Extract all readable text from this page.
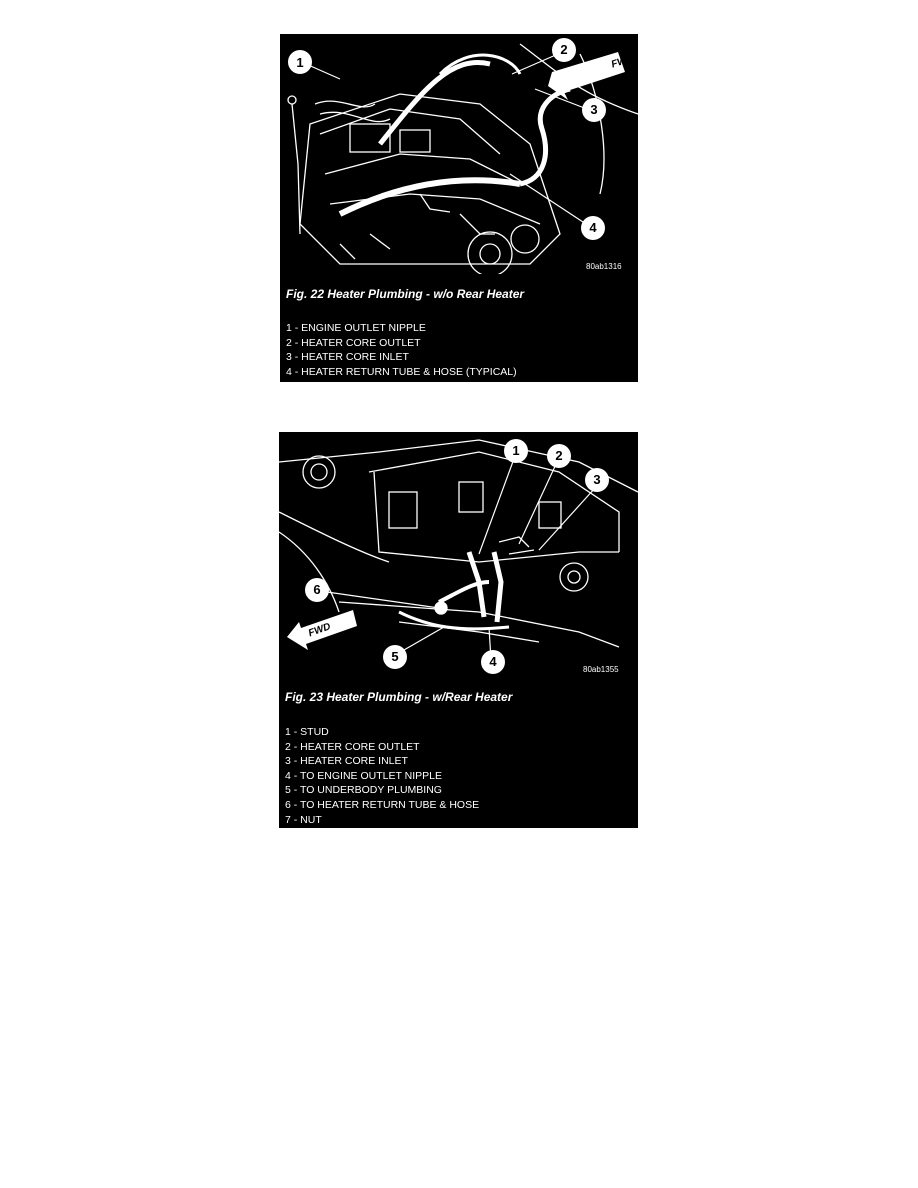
FWD
1
2
3
4
80ab1316
Fig. 22 Heater Plumbing - w/o Rear Heater
1 - ENGINE OUTLET NIPPLE
2 - HEATER CORE OUTLET
3 - HEATER CORE INLET
4 - HEATER RETURN TUBE & HOSE (TYPICAL)
FWD
1	2
3
4
5
6
80ab1355
Fig. 23 Heater Plumbing - w/Rear Heater
1 - STUD
2 - HEATER CORE OUTLET
3 - HEATER CORE INLET
4 - TO ENGINE OUTLET NIPPLE
5 - TO UNDERBODY PLUMBING
6 - TO HEATER RETURN TUBE & HOSE
7 - NUT
